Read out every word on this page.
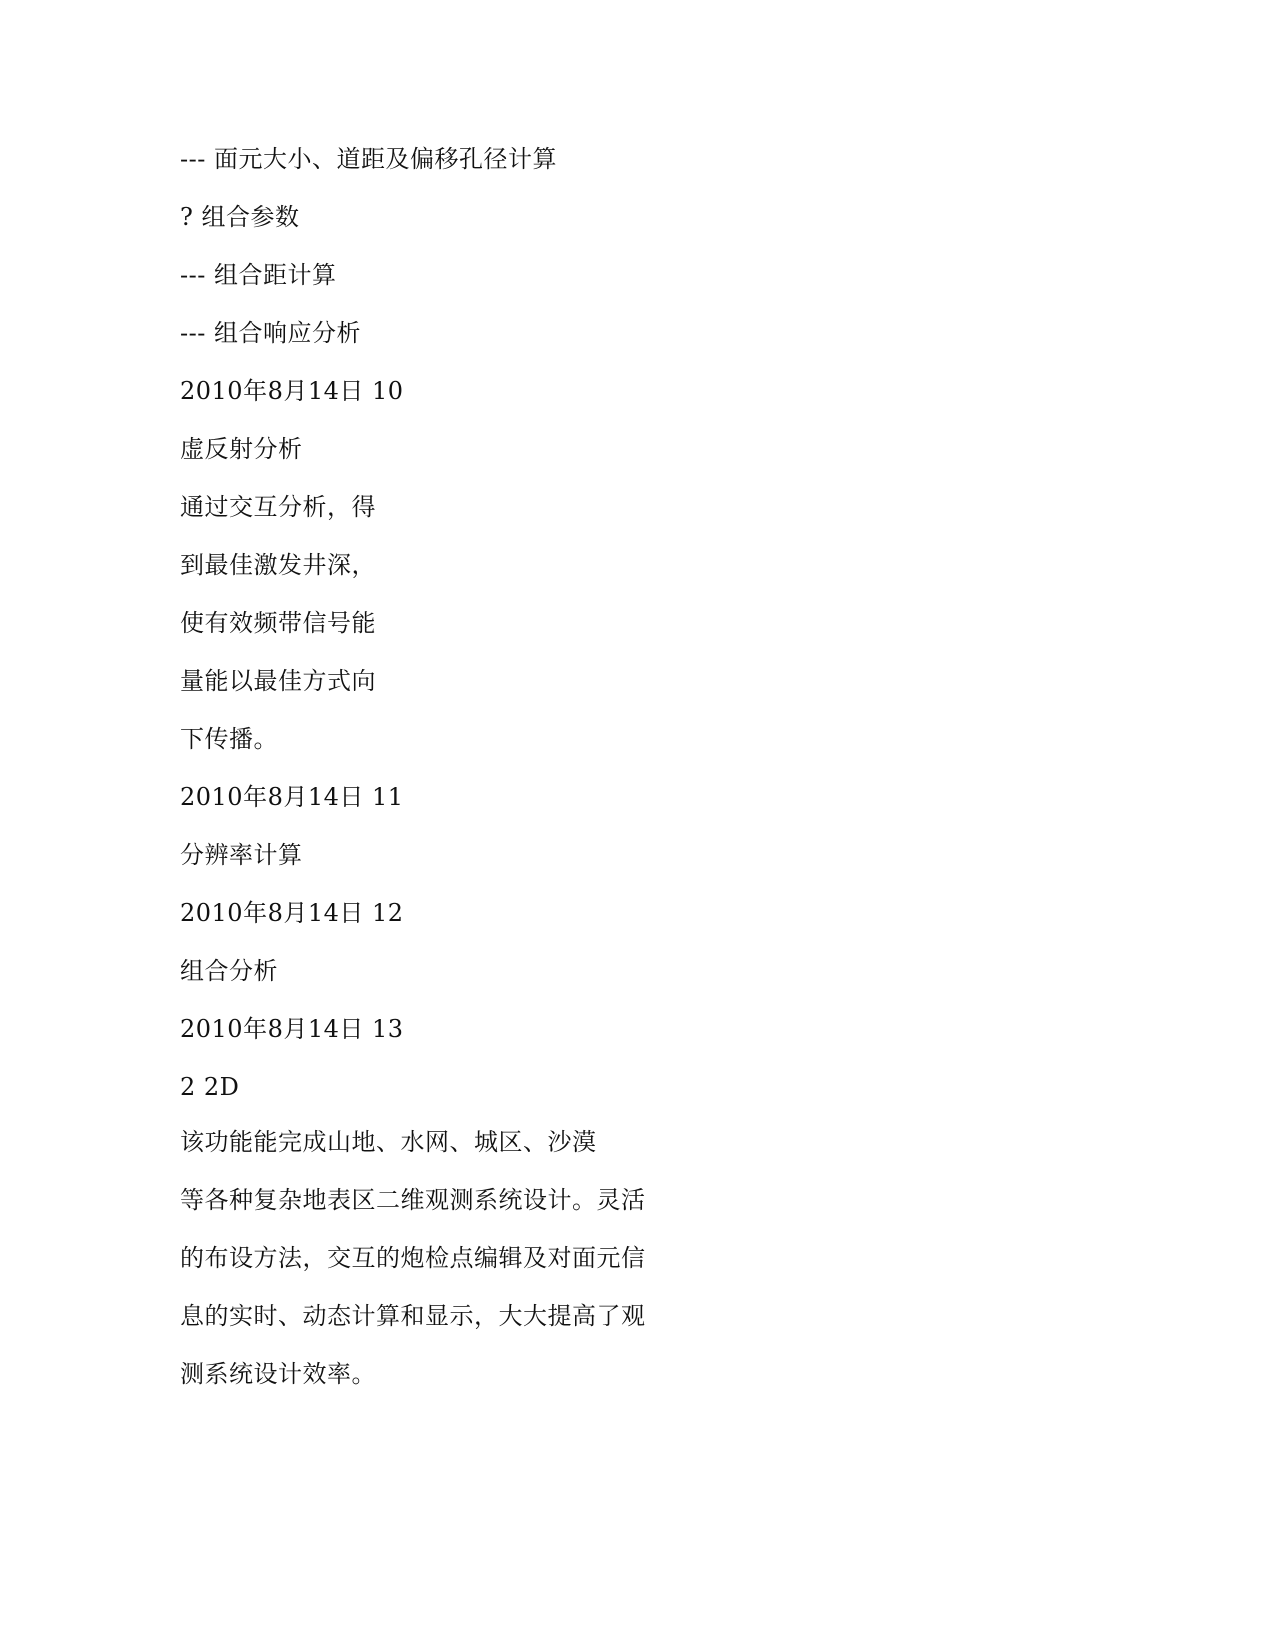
--- 面元大小、道距及偏移孔径计算
? 组合参数
--- 组合距计算
--- 组合响应分析
2010年8月14日 10
虚反射分析
通过交互分析，得
到最佳激发井深，
使有效频带信号能
量能以最佳方式向
下传播。
2010年8月14日 11
分辨率计算
2010年8月14日 12
组合分析
2010年8月14日 13
2 2D
该功能能完成山地、水网、城区、沙漠
等各种复杂地表区二维观测系统设计。灵活
的布设方法，交互的炮检点编辑及对面元信
息的实时、动态计算和显示，大大提高了观
测系统设计效率。
